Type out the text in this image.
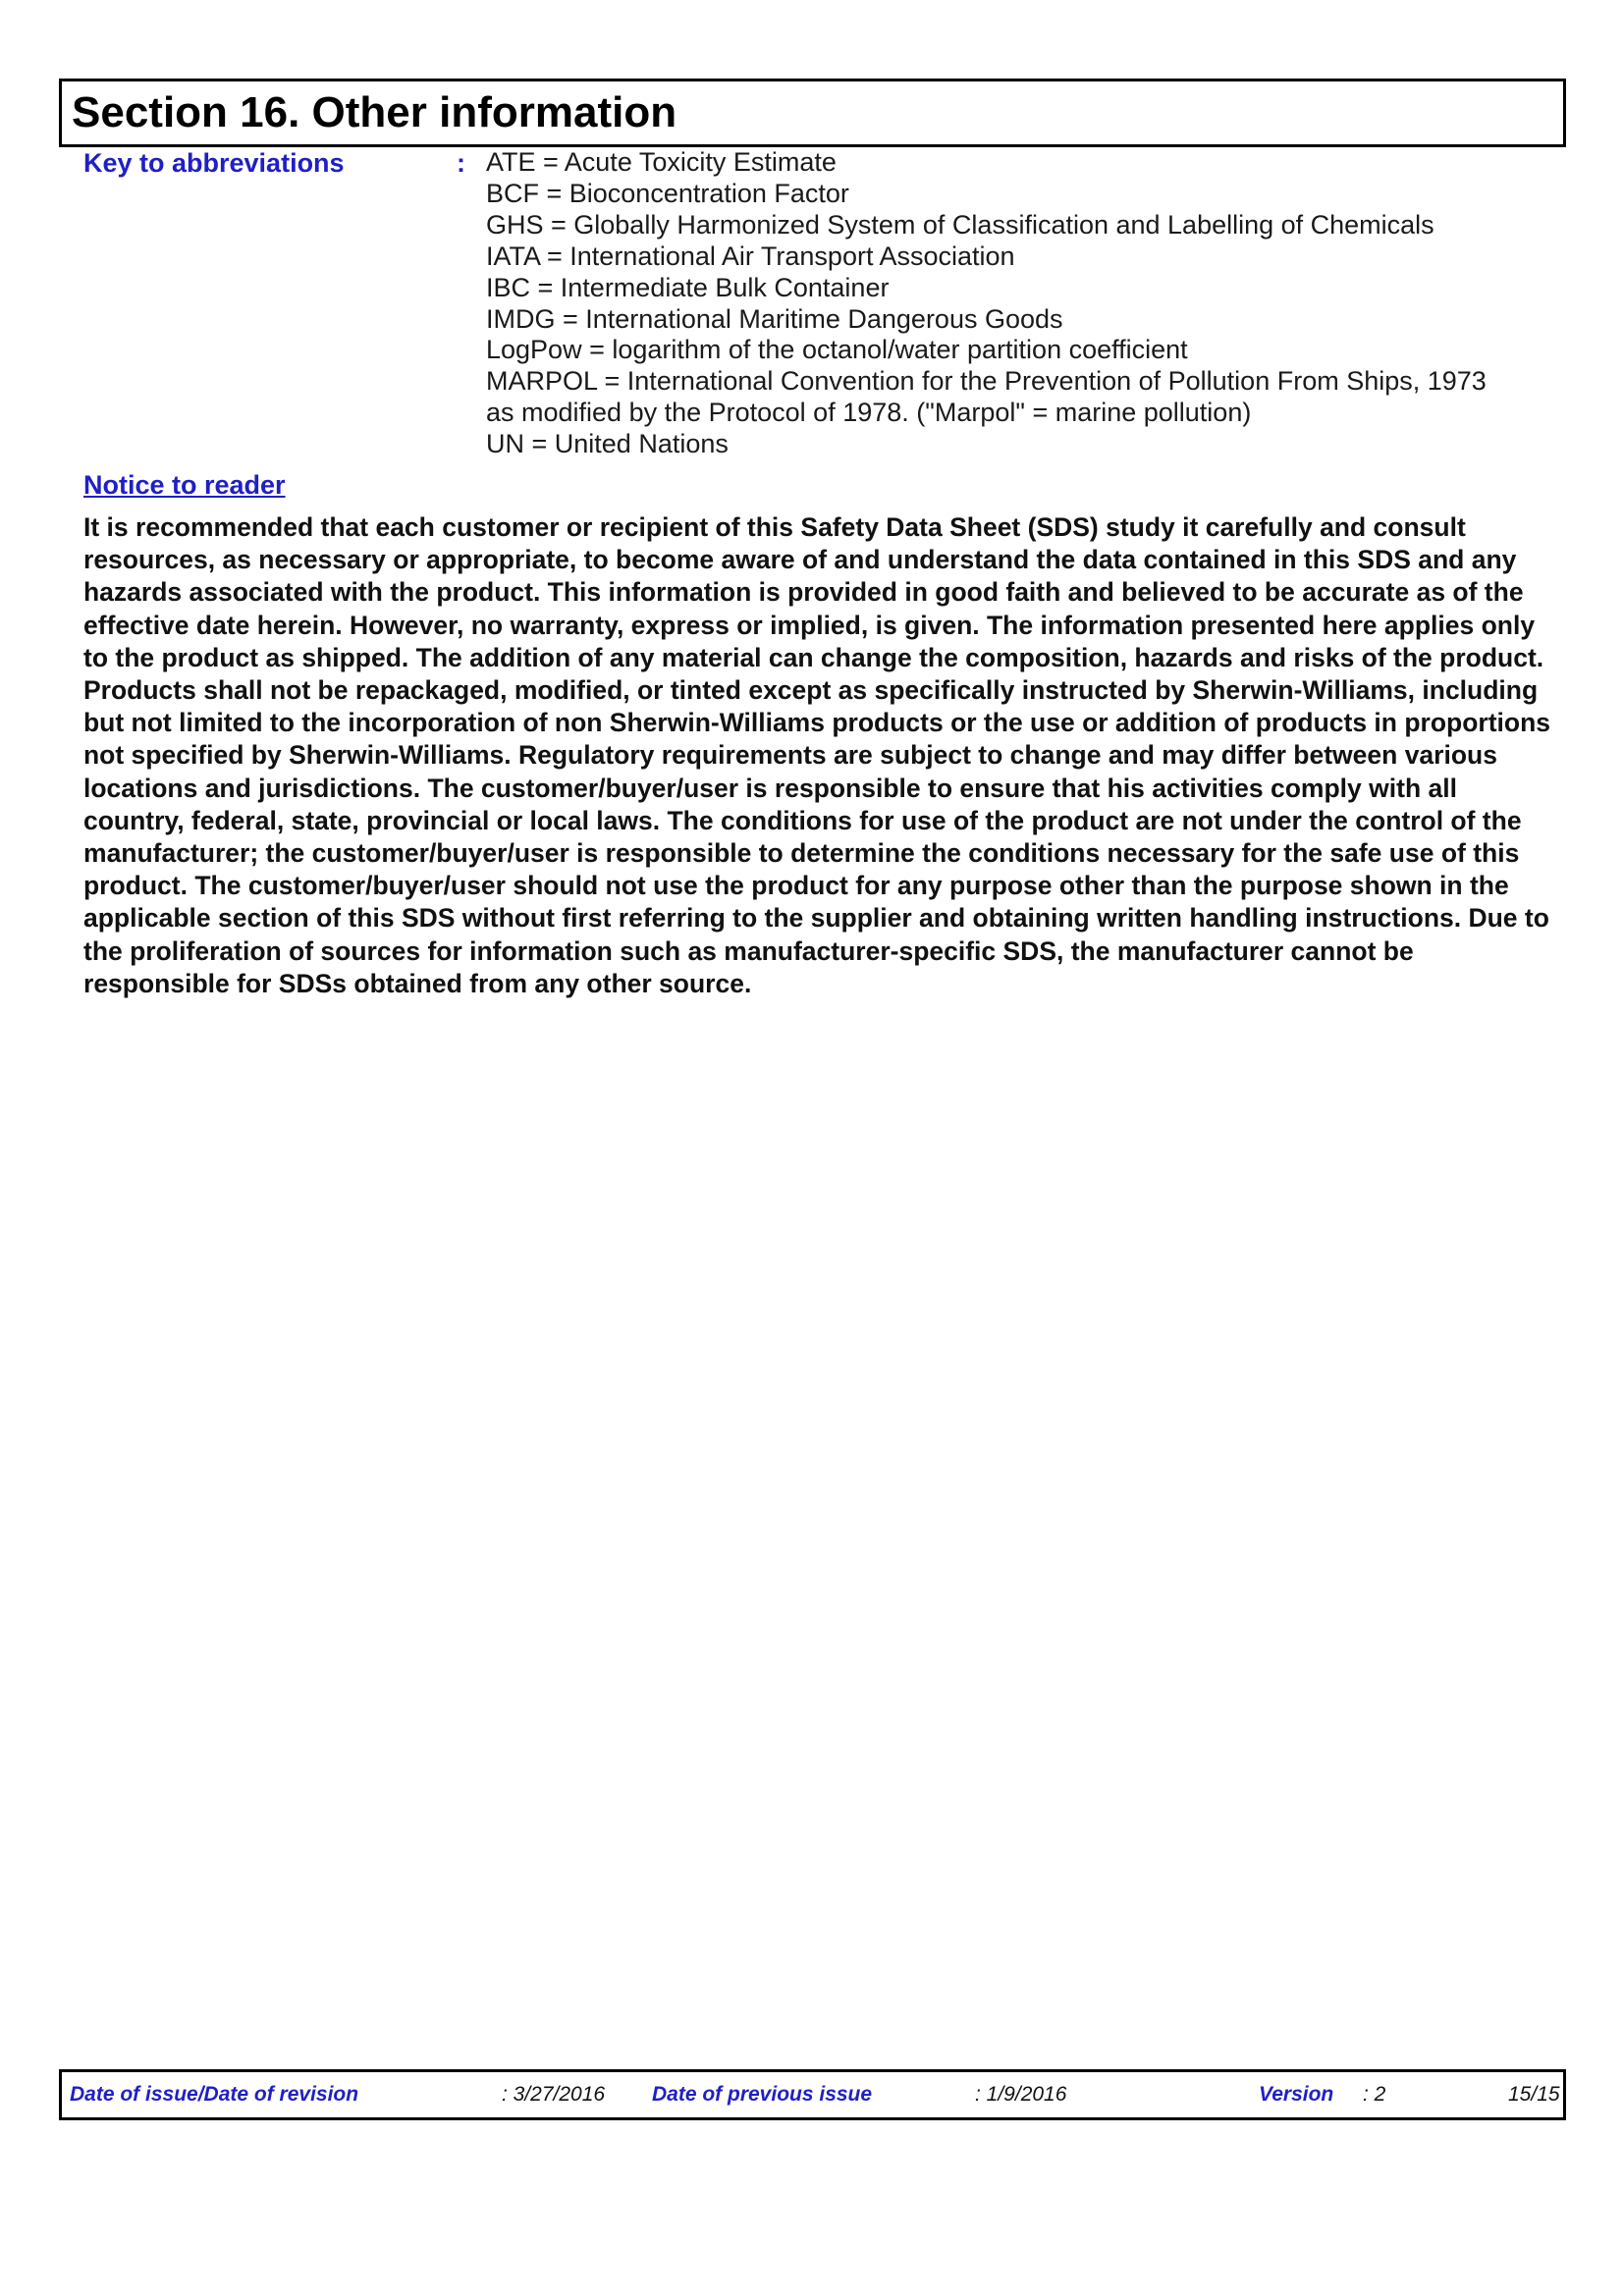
Section 16. Other information
Key to abbreviations	: ATE = Acute Toxicity Estimate
BCF = Bioconcentration Factor
GHS = Globally Harmonized System of Classification and Labelling of Chemicals
IATA = International Air Transport Association
IBC = Intermediate Bulk Container
IMDG = International Maritime Dangerous Goods
LogPow = logarithm of the octanol/water partition coefficient
MARPOL = International Convention for the Prevention of Pollution From Ships, 1973
as modified by the Protocol of 1978. ("Marpol" = marine pollution)
UN = United Nations
Notice to reader
It is recommended that each customer or recipient of this Safety Data Sheet (SDS) study it carefully and consult resources, as necessary or appropriate, to become aware of and understand the data contained in this SDS and any hazards associated with the product. This information is provided in good faith and believed to be accurate as of the effective date herein. However, no warranty, express or implied, is given. The information presented here applies only to the product as shipped. The addition of any material can change the composition, hazards and risks of the product. Products shall not be repackaged, modified, or tinted except as specifically instructed by Sherwin-Williams, including but not limited to the incorporation of non Sherwin-Williams products or the use or addition of products in proportions not specified by Sherwin-Williams. Regulatory requirements are subject to change and may differ between various locations and jurisdictions. The customer/buyer/user is responsible to ensure that his activities comply with all country, federal, state, provincial or local laws. The conditions for use of the product are not under the control of the manufacturer; the customer/buyer/user is responsible to determine the conditions necessary for the safe use of this product. The customer/buyer/user should not use the product for any purpose other than the purpose shown in the applicable section of this SDS without first referring to the supplier and obtaining written handling instructions. Due to the proliferation of sources for information such as manufacturer-specific SDS, the manufacturer cannot be responsible for SDSs obtained from any other source.
Date of issue/Date of revision	: 3/27/2016 Date of previous issue	: 1/9/2016	Version : 2	15/15
